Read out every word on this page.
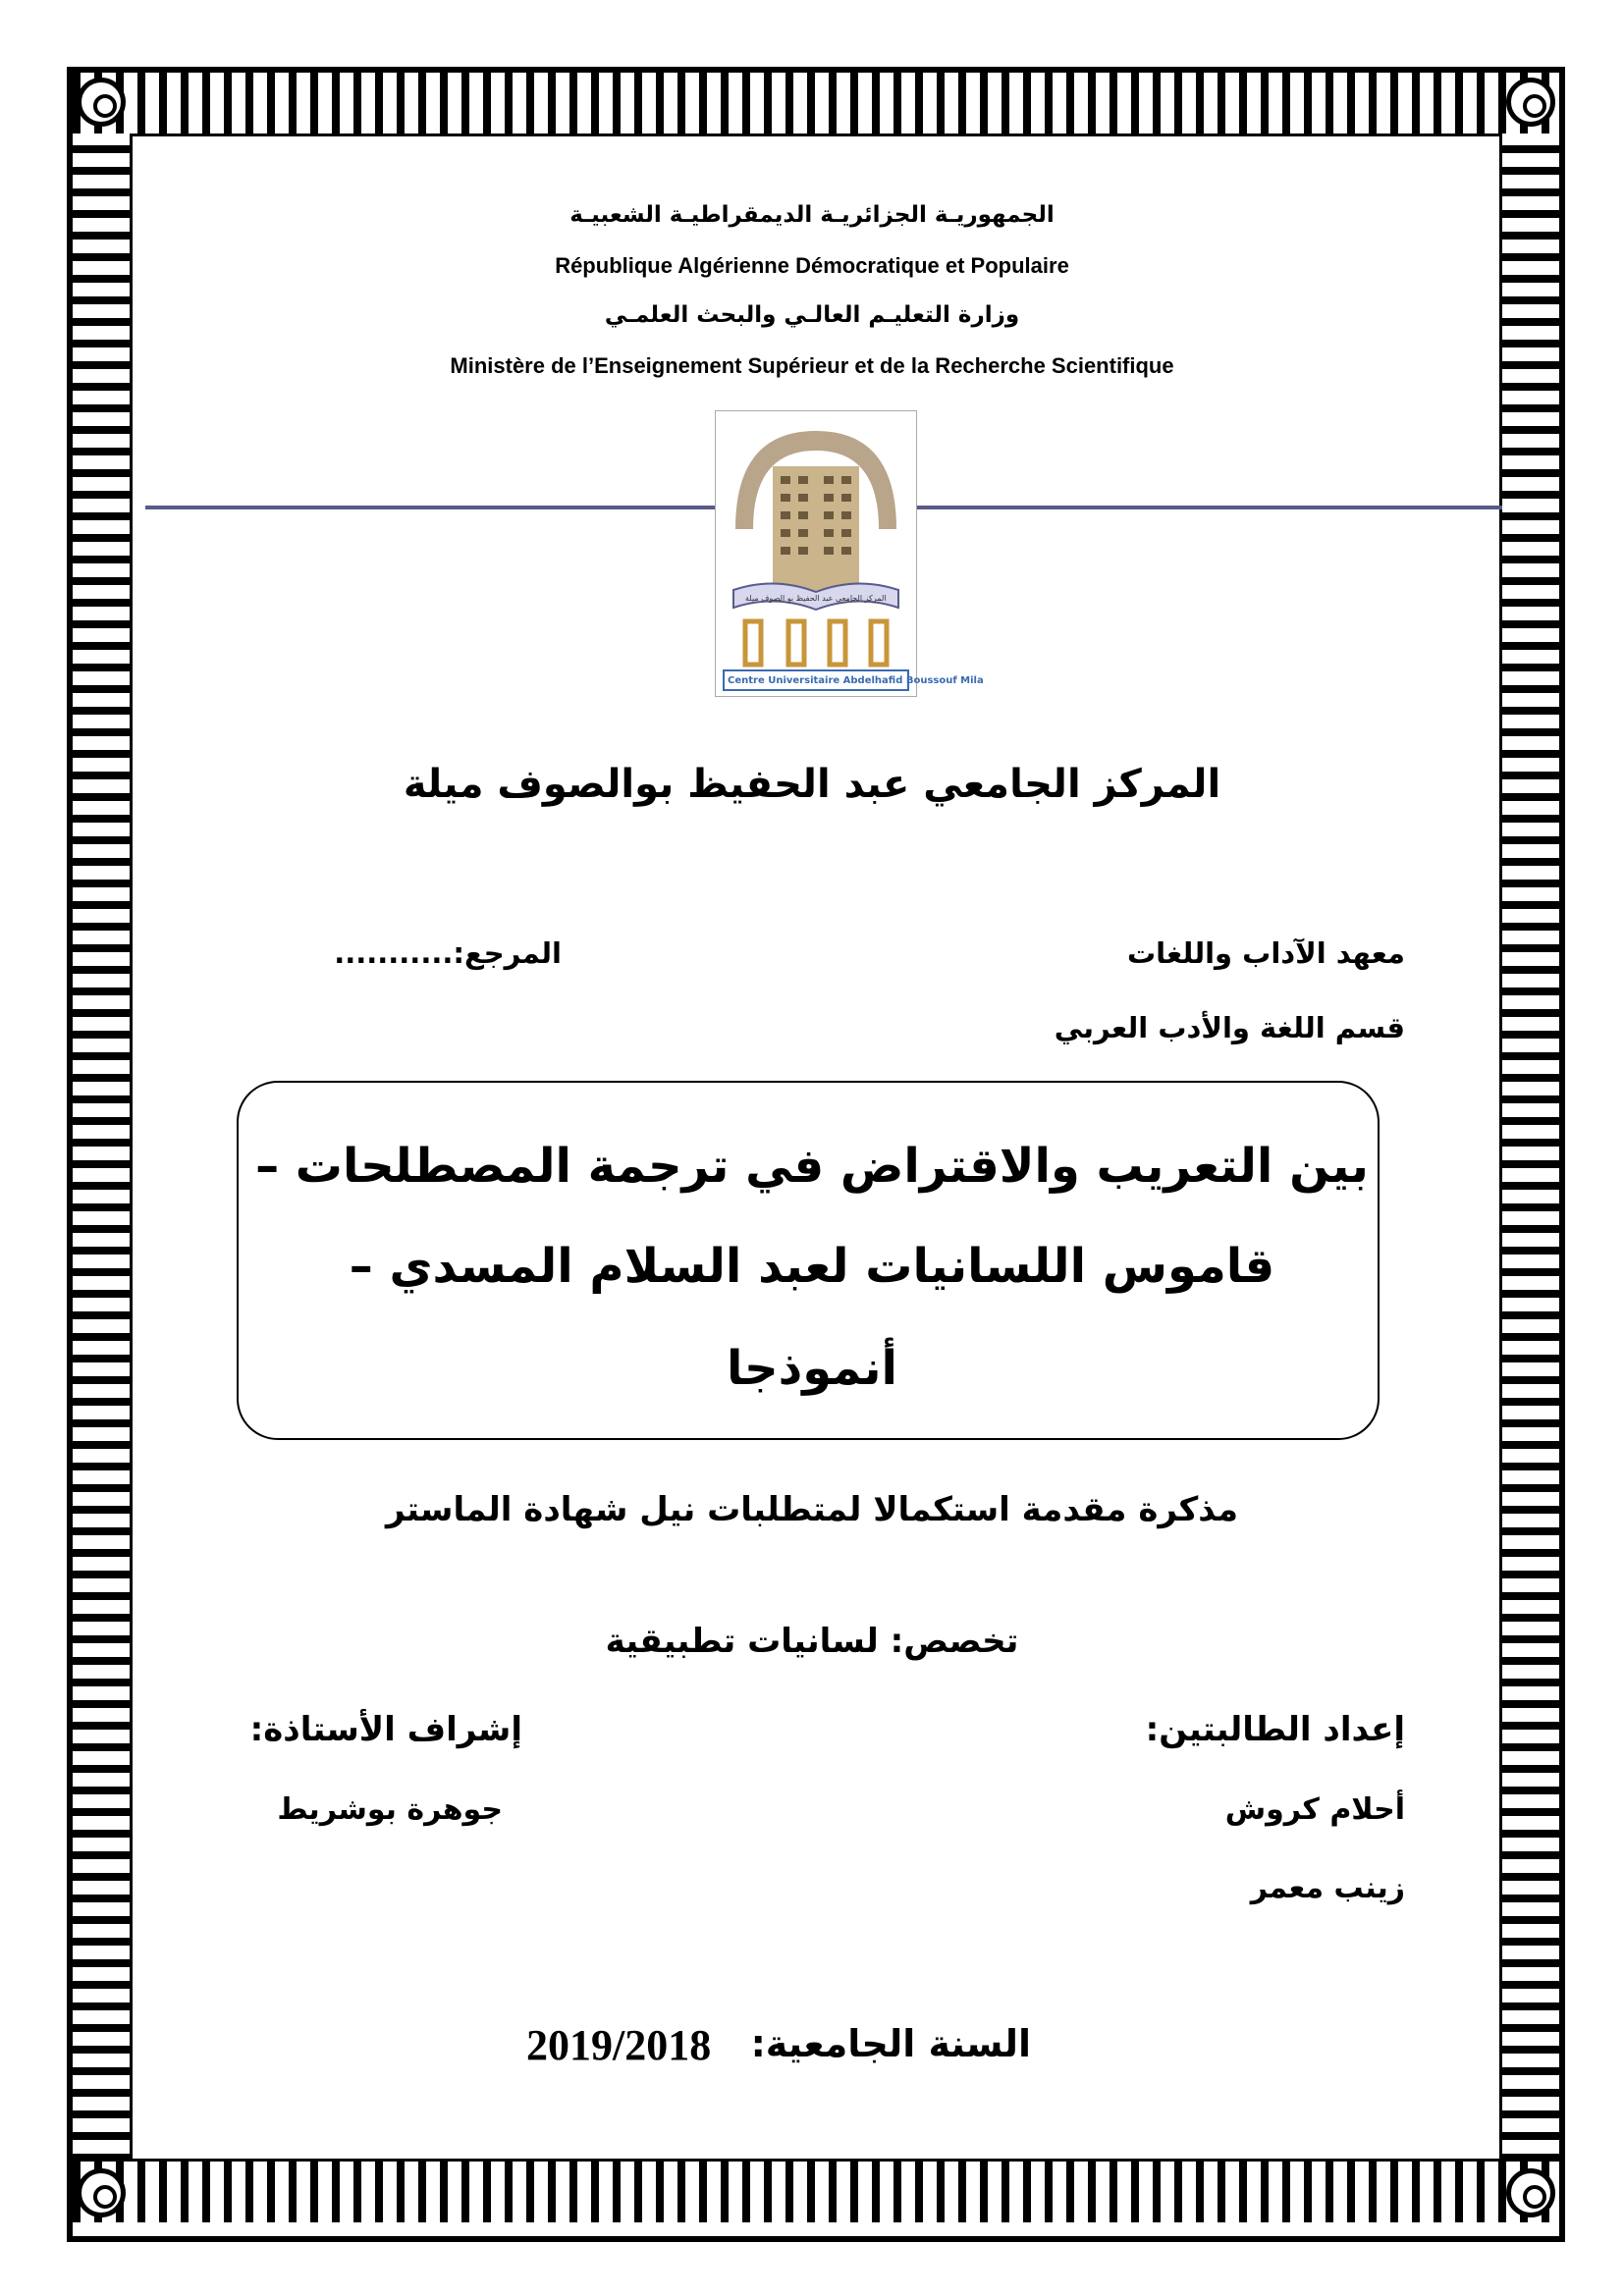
الجمهوريـة الجزائريـة الديمقراطيـة الشعبيـة
République Algérienne Démocratique et Populaire
وزارة التعليـم العالـي والبحث العلمـي
Ministère de l’Enseignement Supérieur et de la Recherche Scientifique
المركز الجامعي عبد الحفيظ بو الصوف ميلة
Centre Universitaire Abdelhafid Boussouf Mila
المركز الجامعي عبد الحفيظ بوالصوف ميلة
معهد الآداب واللغات
المرجع:...........
قسم اللغة والأدب العربي
بين التعريب والاقتراض في ترجمة المصطلحات –
قاموس اللسانيات لعبد السلام المسدي –
أنموذجا
مذكرة مقدمة استكمالا لمتطلبات نيل شهادة الماستر
تخصص: لسانيات تطبيقية
إعداد الطالبتين:
إشراف الأستاذة:
أحلام كروش
جوهرة بوشريط
زينب معمر
2019/2018 السنة الجامعية:
